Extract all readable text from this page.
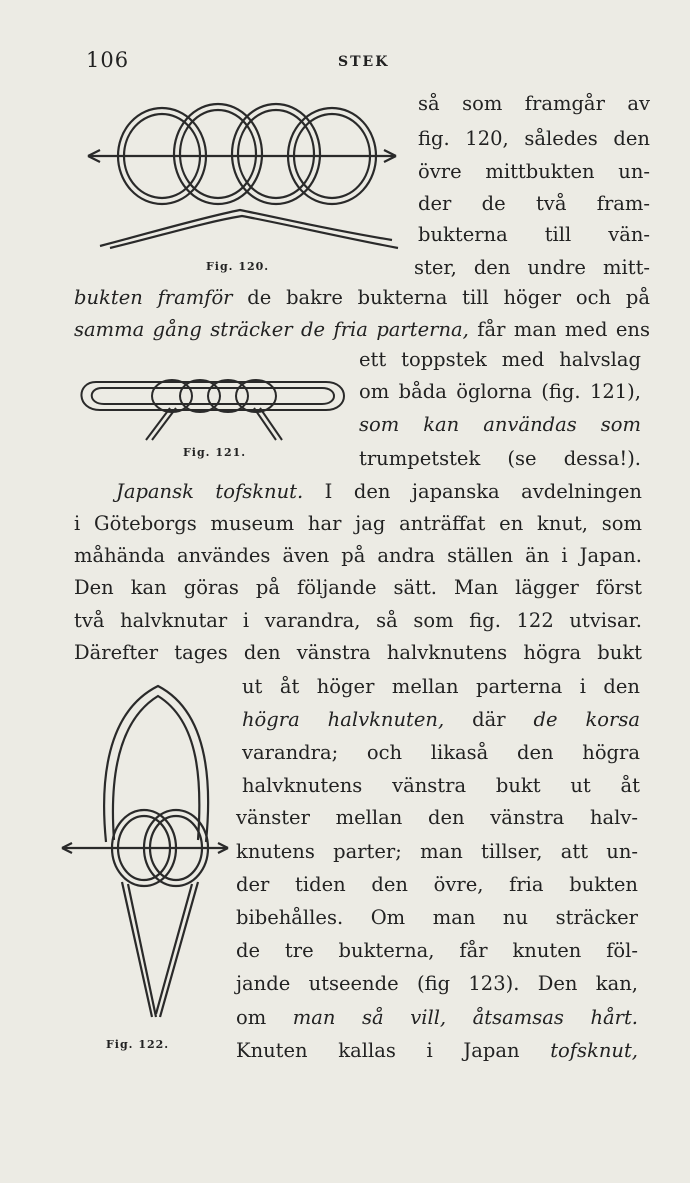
106	STEK
Fig. 120.
Fig. 121.
Fig. 122.
så som framgår av
fig. 120, således den
övre mittbukten un-
der de två fram-
bukterna till vän-
ster, den undre mitt-
bukten framför de bakre bukterna till höger och på
samma gång sträcker de fria parterna, får man med ens
ett toppstek med halvslag
om båda öglorna (fig. 121),
som kan användas som
trumpetstek (se dessa!).
Japansk tofsknut. I den japanska avdelningen
i Göteborgs museum har jag anträffat en knut, som
måhända användes även på andra ställen än i Japan.
Den kan göras på följande sätt. Man lägger först
två halvknutar i varandra, så som fig. 122 utvisar.
Därefter tages den vänstra halvknutens högra bukt
ut åt höger mellan parterna i den
högra halvknuten, där de korsa
varandra; och likaså den högra
halvknutens vänstra bukt ut åt
vänster mellan den vänstra halv-
knutens parter; man tillser, att un-
der tiden den övre, fria bukten
bibehålles. Om man nu sträcker
de tre bukterna, får knuten föl-
jande utseende (fig 123). Den kan,
om man så vill, åtsamsas hårt.
Knuten kallas i Japan tofsknut,
